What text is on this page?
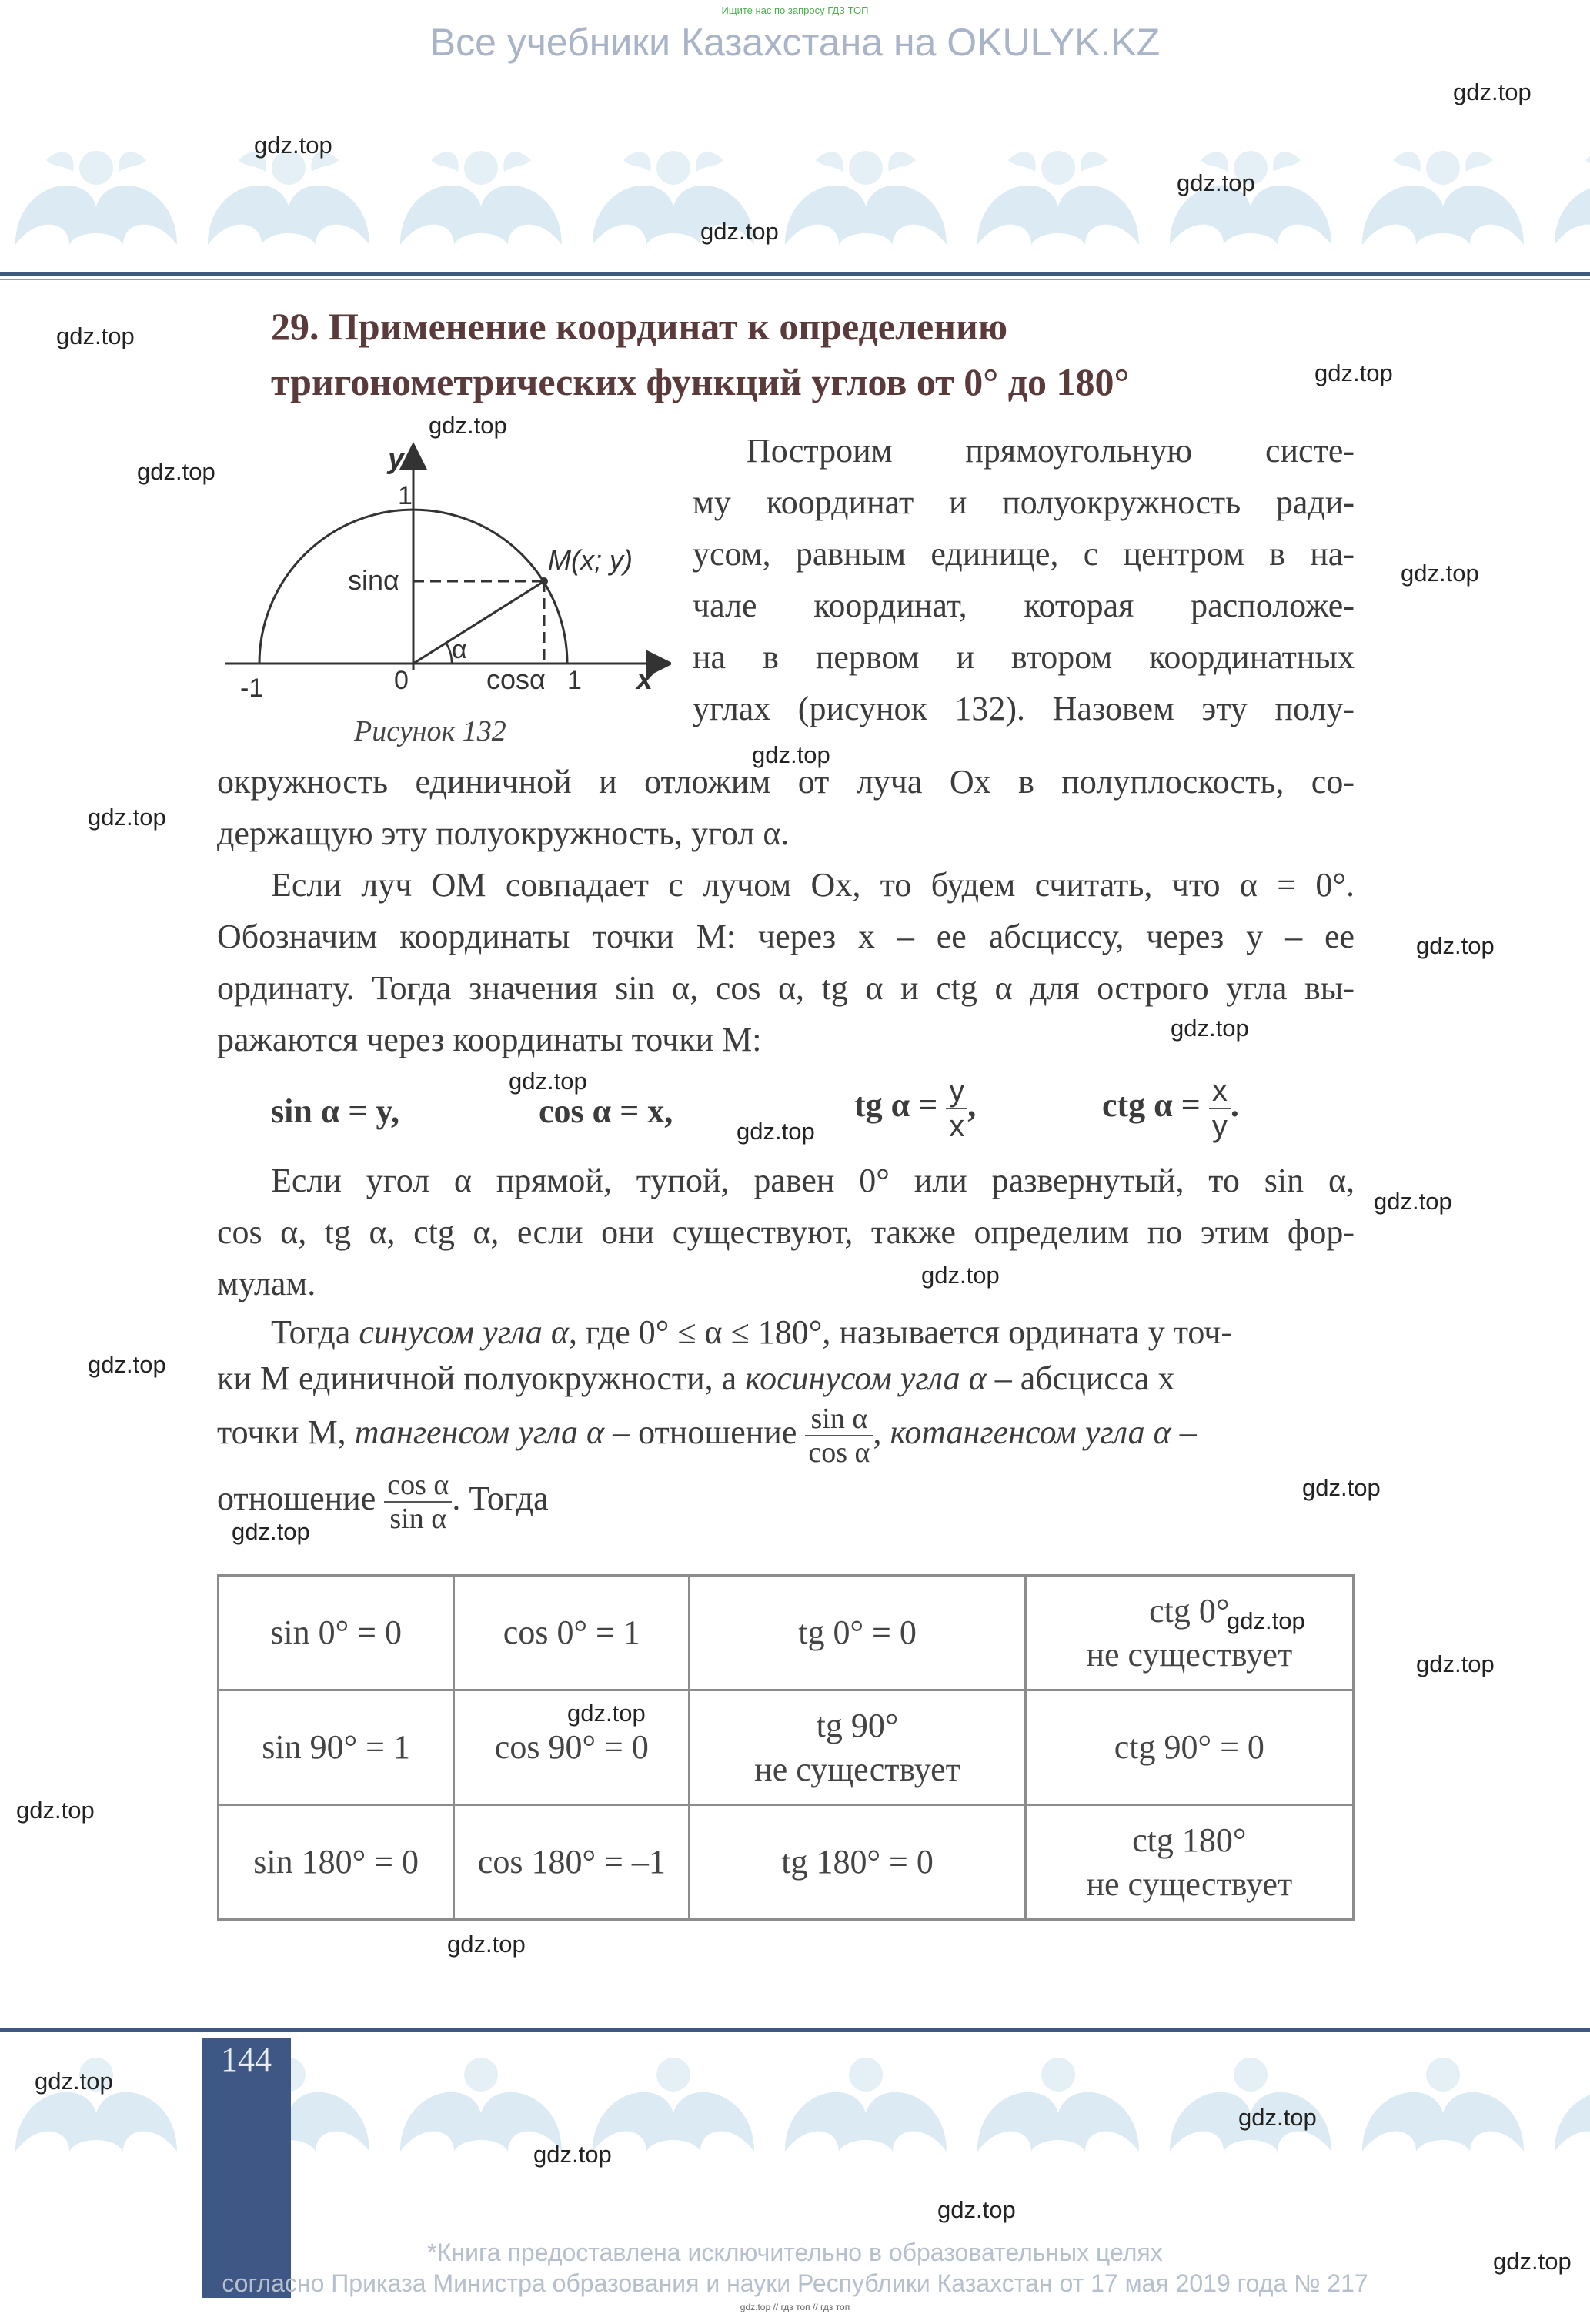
Ищите нас по запросу ГДЗ ТОП
Все учебники Казахстана на OKULYK.KZ
29. Применение координат к определению
тригонометрических функций углов от 0° до 180°
y
1
sinα
M(x; y)
α
-1	0	cosα 1 x
Рисунок 132
Построим прямоугольную систе-
му координат и полуокружность ради-
усом, равным единице, с центром в на-
чале координат, которая расположе-
на в первом и втором координатных
углах (рисунок 132). Назовем эту полу-
окружность единичной и отложим от луча Ox в полуплоскость, со-
держащую эту полуокружность, угол α.
Если луч OM совпадает с лучом Ox, то будем считать, что α = 0°.
Обозначим координаты точки M: через x – ее абсциссу, через y – ее
ординату. Тогда значения sin α, cos α, tg α и ctg α для острого угла вы-
ражаются через координаты точки M:
sin α = y,	cos α = x,	tg $\alpha = \frac{y}{x}$ ,	ctg $\alpha = \frac{x}{y}$ .
Если угол α прямой, тупой, равен 0° или развернутый, то sin α,
cos α, tg α, ctg α, если они существуют, также определим по этим фор-
мулам.
Тогда синусом угла α, где 0° ≤ α ≤ 180°, называется ордината y точ-
ки M единичной полуокружности, а косинусом угла α – абсцисса x
точки M, тангенсом угла α – отношение $\frac{\text{sin α}}{\text{cos α}}$ , котангенсом угла α –
отношение $\frac{\text{cos α}}{\text{sin α}}$ . Тогда
sin 0° = 0	cos 0° = 1	tg 0° = 0	ctg 0°
не существует
sin 90° = 1	cos 90° = 0	tg 90°
не существует	ctg 90° = 0
sin 180° = 0	cos 180° = –1	tg 180° = 0	ctg 180°
не существует
144
*Книга предоставлена исключительно в образовательных целях
согласно Приказа Министра образования и науки Республики Казахстан от 17 мая 2019 года № 217
gdz.top // гдз топ // гдз топ
gdz.top
gdz.top
gdz.top
gdz.top
gdz.top
gdz.top
gdz.top
gdz.top
gdz.top
gdz.top
gdz.top
gdz.top
gdz.top
gdz.top
gdz.top
gdz.top
gdz.top
gdz.top
gdz.top
gdz.top
gdz.top
gdz.top
gdz.top
gdz.top
gdz.top
gdz.top
gdz.top
gdz.top
gdz.top
gdz.top
